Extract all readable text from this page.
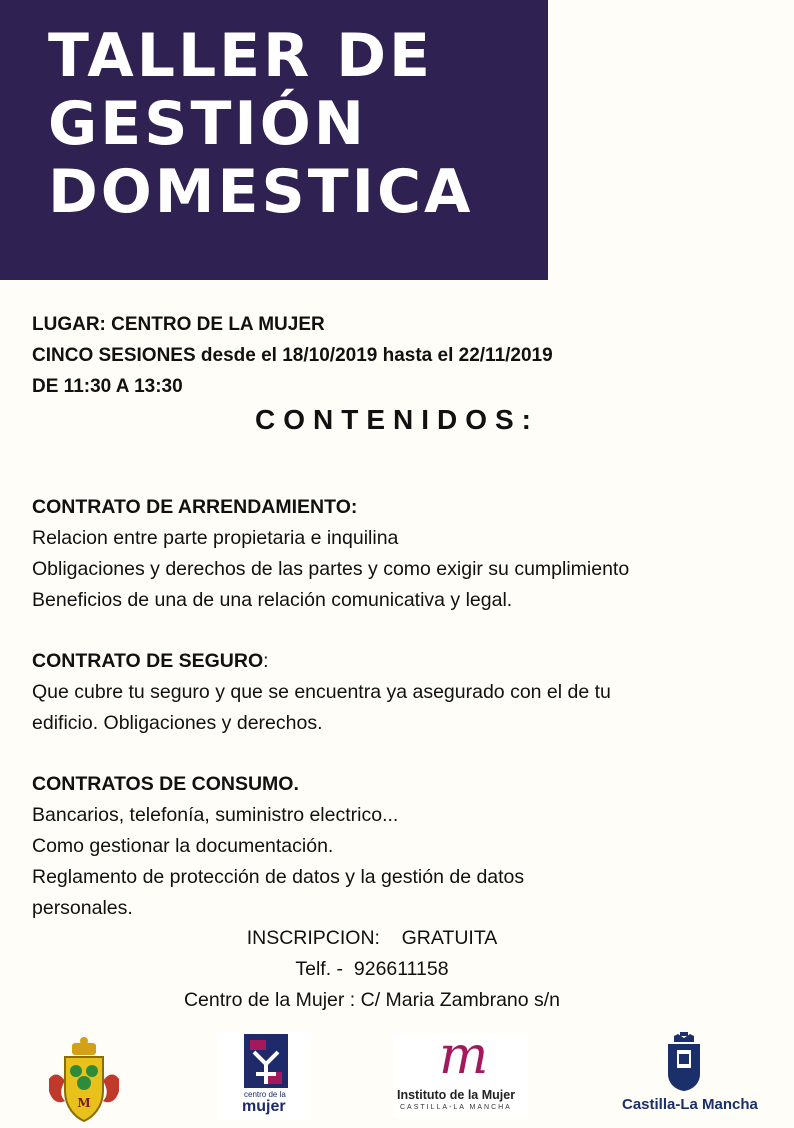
TALLER DE
GESTIÓN
DOMESTICA
LUGAR: CENTRO DE LA MUJER
CINCO SESIONES desde el 18/10/2019 hasta el 22/11/2019
DE 11:30 A 13:30
CONTENIDOS:
CONTRATO DE ARRENDAMIENTO:
Relacion entre parte propietaria e inquilina
Obligaciones y derechos de las partes y como exigir su cumplimiento
Beneficios de una de una relación comunicativa y legal.
CONTRATO DE SEGURO:
Que cubre tu seguro y que se encuentra ya asegurado con el de tu
edificio. Obligaciones y derechos.
CONTRATOS DE CONSUMO.
Bancarios, telefonía, suministro electrico...
Como gestionar la documentación.
Reglamento de protección de datos y la gestión de datos
personales.
INSCRIPCION:    GRATUITA
Telf. -  926611158
Centro de la Mujer : C/ Maria Zambrano s/n
M
centro de la
mujer
m
Instituto de la Mujer
CASTILLA-LA MANCHA	Castilla-La Mancha
